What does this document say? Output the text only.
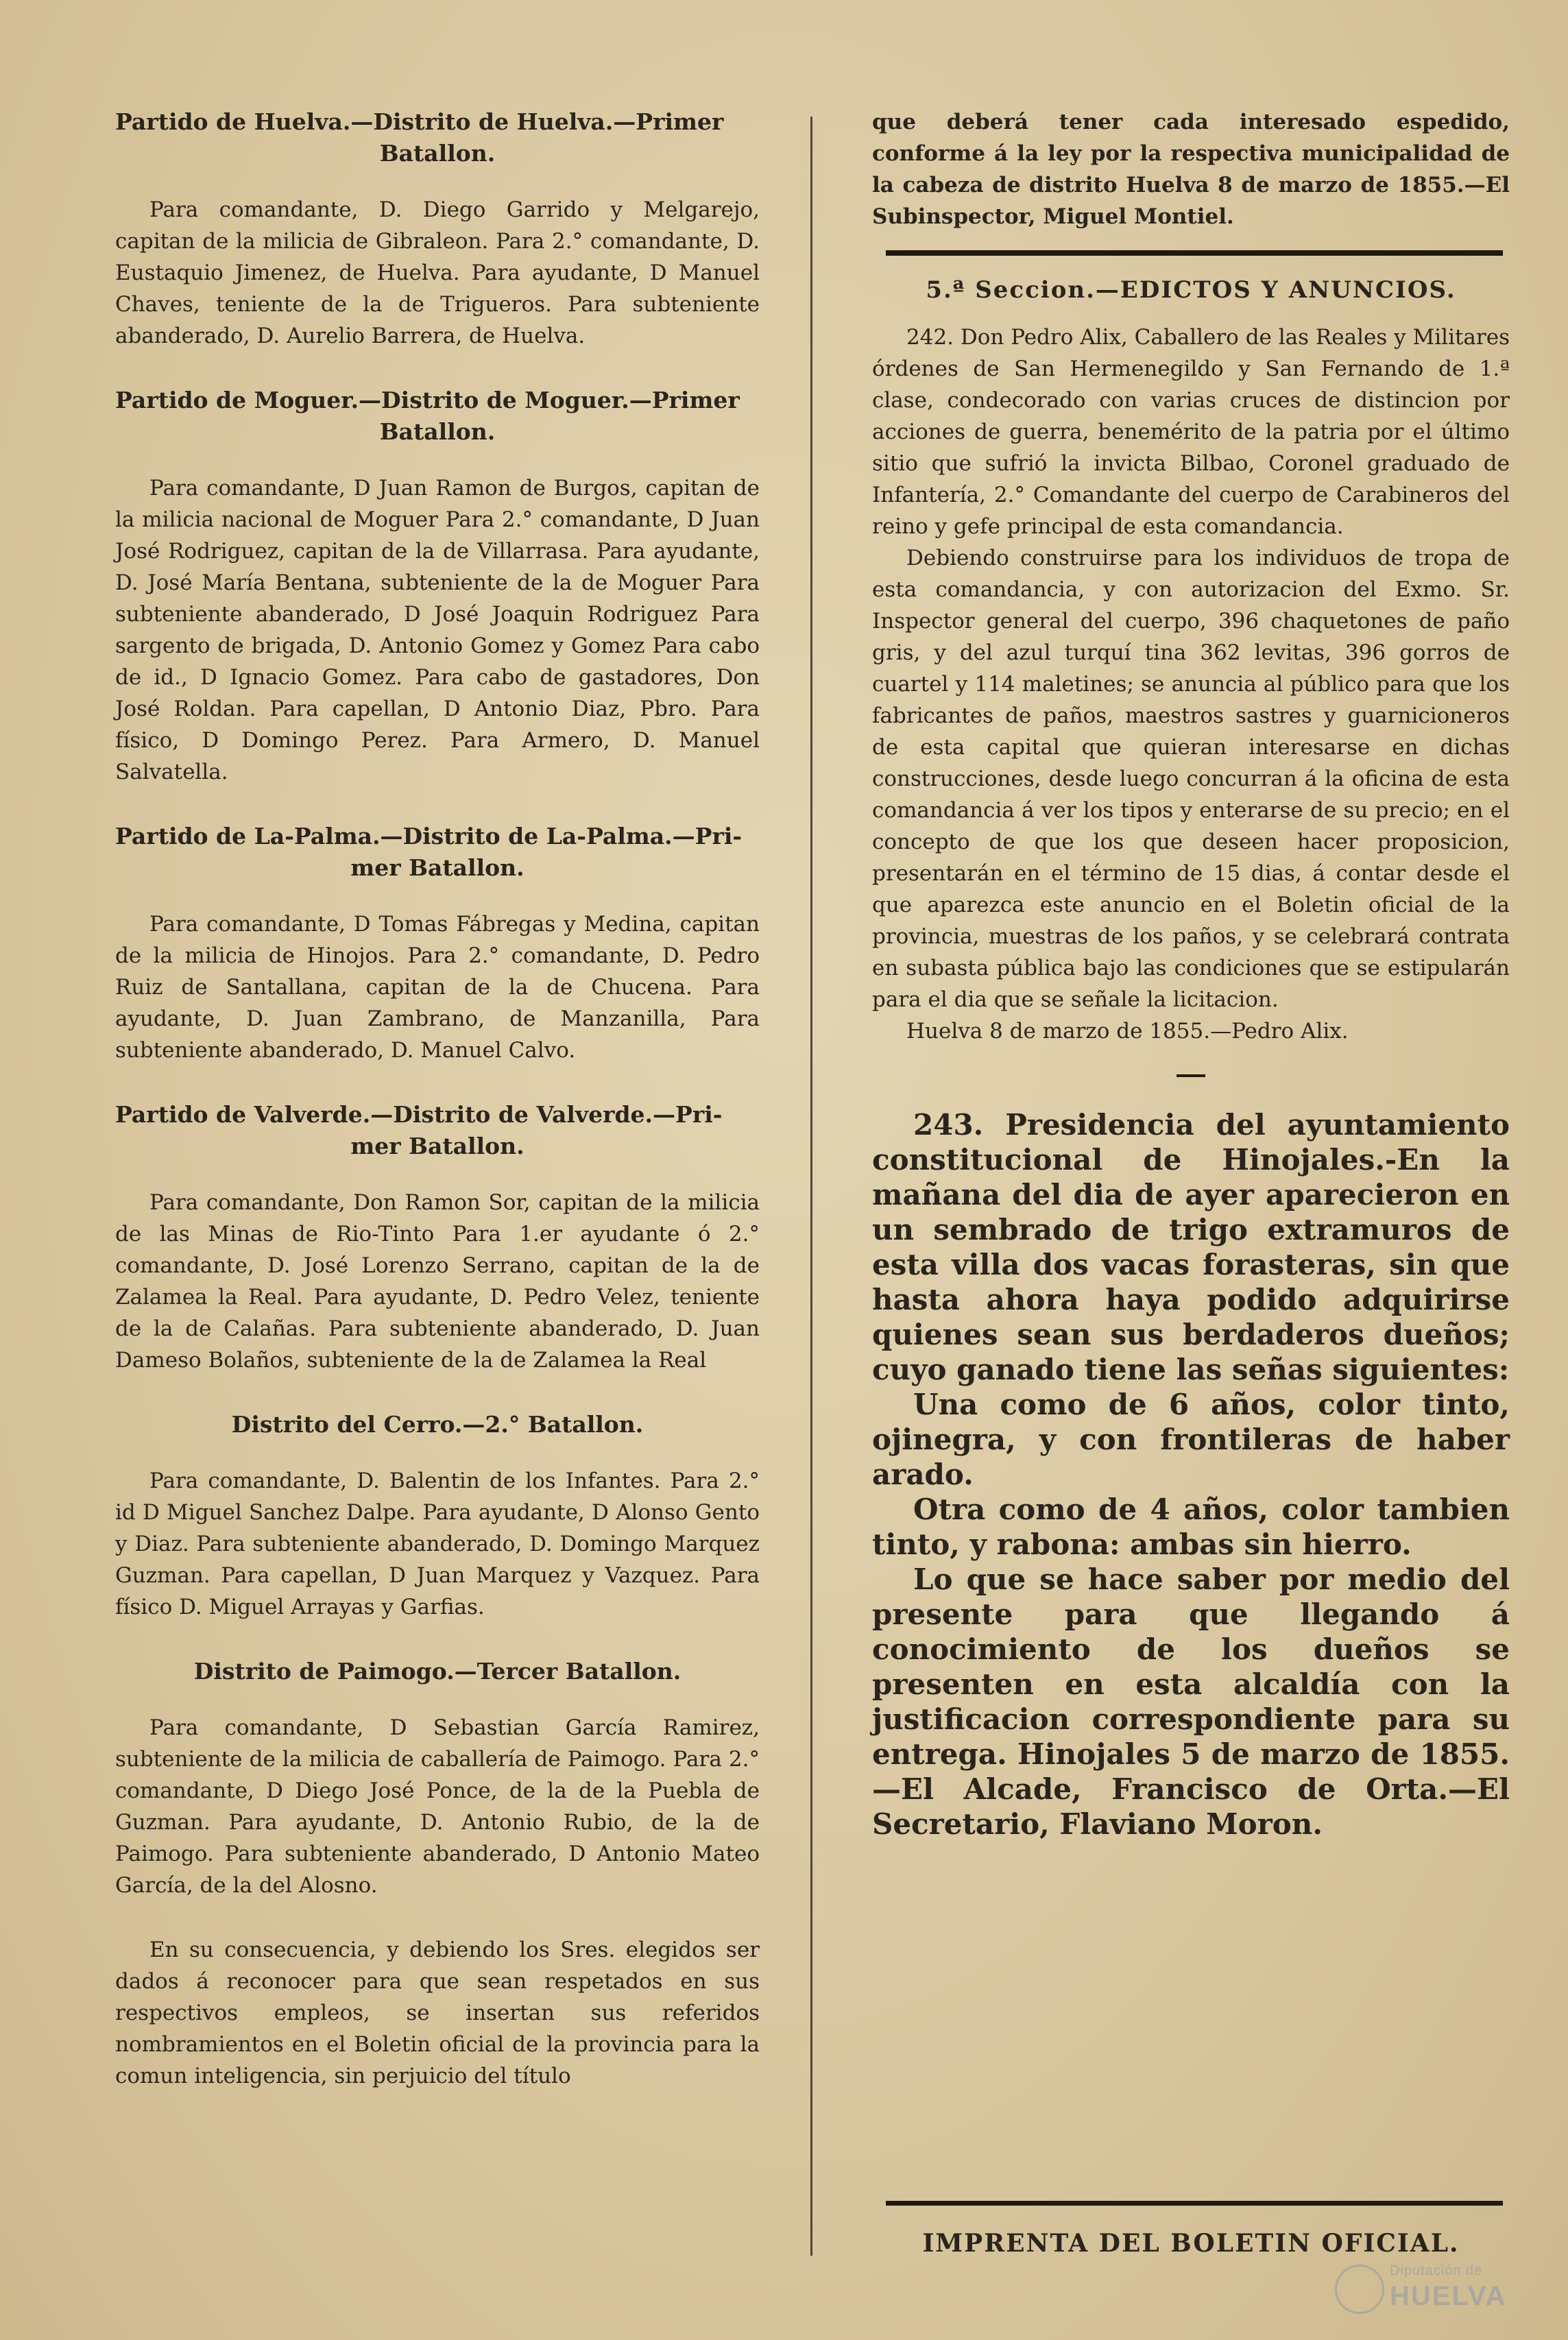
Partido de Huelva.—Distrito de Huelva.—Primer
Batallon.

Para comandante, D. Diego Garrido y Melgarejo, capitan de la milicia de Gibraleon. Para 2.° comandante, D. Eustaquio Jimenez, de Huelva. Para ayudante, D Manuel Chaves, teniente de la de Trigueros. Para subteniente abanderado, D. Aurelio Barrera, de Huelva.

Partido de Moguer.—Distrito de Moguer.—Primer
Batallon.

Para comandante, D Juan Ramon de Burgos, capitan de la milicia nacional de Moguer Para 2.° comandante, D Juan José Rodriguez, capitan de la de Villarrasa. Para ayudante, D. José María Bentana, subteniente de la de Moguer Para subteniente abanderado, D José Joaquin Rodriguez Para sargento de brigada, D. Antonio Gomez y Gomez Para cabo de id., D Ignacio Gomez. Para cabo de gastadores, Don José Roldan. Para capellan, D Antonio Diaz, Pbro. Para físico, D Domingo Perez. Para Armero, D. Manuel Salvatella.

Partido de La-Palma.—Distrito de La-Palma.—Pri-
mer Batallon.

Para comandante, D Tomas Fábregas y Medina, capitan de la milicia de Hinojos. Para 2.° comandante, D. Pedro Ruiz de Santallana, capitan de la de Chucena. Para ayudante, D. Juan Zambrano, de Manzanilla, Para subteniente abanderado, D. Manuel Calvo.

Partido de Valverde.—Distrito de Valverde.—Pri-
mer Batallon.

Para comandante, Don Ramon Sor, capitan de la milicia de las Minas de Rio-Tinto Para 1.er ayudante ó 2.° comandante, D. José Lorenzo Serrano, capitan de la de Zalamea la Real. Para ayudante, D. Pedro Velez, teniente de la de Calañas. Para subteniente abanderado, D. Juan Dameso Bolaños, subteniente de la de Zalamea la Real

Distrito del Cerro.—2.° Batallon.

Para comandante, D. Balentin de los Infantes. Para 2.° id D Miguel Sanchez Dalpe. Para ayudante, D Alonso Gento y Diaz. Para subteniente abanderado, D. Domingo Marquez Guzman. Para capellan, D Juan Marquez y Vazquez. Para físico D. Miguel Arrayas y Garfias.

Distrito de Paimogo.—Tercer Batallon.

Para comandante, D Sebastian García Ramirez, subteniente de la milicia de caballería de Paimogo. Para 2.° comandante, D Diego José Ponce, de la de la Puebla de Guzman. Para ayudante, D. Antonio Rubio, de la de Paimogo. Para subteniente abanderado, D Antonio Mateo García, de la del Alosno.

En su consecuencia, y debiendo los Sres. elegidos ser dados á reconocer para que sean respetados en sus respectivos empleos, se insertan sus referidos nombramientos en el Boletin oficial de la provincia para la comun inteligencia, sin perjuicio del título

que deberá tener cada interesado espedido, conforme á la ley por la respectiva municipalidad de la cabeza de distrito Huelva 8 de marzo de 1855.—El Subinspector, Miguel Montiel.

5.ª Seccion.—EDICTOS Y ANUNCIOS.

242. Don Pedro Alix, Caballero de las Reales y Militares órdenes de San Hermenegildo y San Fernando de 1.ª clase, condecorado con varias cruces de distincion por acciones de guerra, benemérito de la patria por el último sitio que sufrió la invicta Bilbao, Coronel graduado de Infantería, 2.° Comandante del cuerpo de Carabineros del reino y gefe principal de esta comandancia.

Debiendo construirse para los individuos de tropa de esta comandancia, y con autorizacion del Exmo. Sr. Inspector general del cuerpo, 396 chaquetones de paño gris, y del azul turquí tina 362 levitas, 396 gorros de cuartel y 114 maletines; se anuncia al público para que los fabricantes de paños, maestros sastres y guarnicioneros de esta capital que quieran interesarse en dichas construcciones, desde luego concurran á la oficina de esta comandancia á ver los tipos y enterarse de su precio; en el concepto de que los que deseen hacer proposicion, presentarán en el término de 15 dias, á contar desde el que aparezca este anuncio en el Boletin oficial de la provincia, muestras de los paños, y se celebrará contrata en subasta pública bajo las condiciones que se estipularán para el dia que se señale la licitacion.

Huelva 8 de marzo de 1855.—Pedro Alix.

243. Presidencia del ayuntamiento constitucional de Hinojales.-En la mañana del dia de ayer aparecieron en un sembrado de trigo extramuros de esta villa dos vacas forasteras, sin que hasta ahora haya podido adquirirse quienes sean sus berdaderos dueños; cuyo ganado tiene las señas siguientes:

Una como de 6 años, color tinto, ojinegra, y con frontileras de haber arado.

Otra como de 4 años, color tambien tinto, y rabona: ambas sin hierro.

Lo que se hace saber por medio del presente para que llegando á conocimiento de los dueños se presenten en esta alcaldía con la justificacion correspondiente para su entrega. Hinojales 5 de marzo de 1855. —El Alcade, Francisco de Orta.—El Secretario, Flaviano Moron.

IMPRENTA DEL BOLETIN OFICIAL.

Diputación de
HUELVA
